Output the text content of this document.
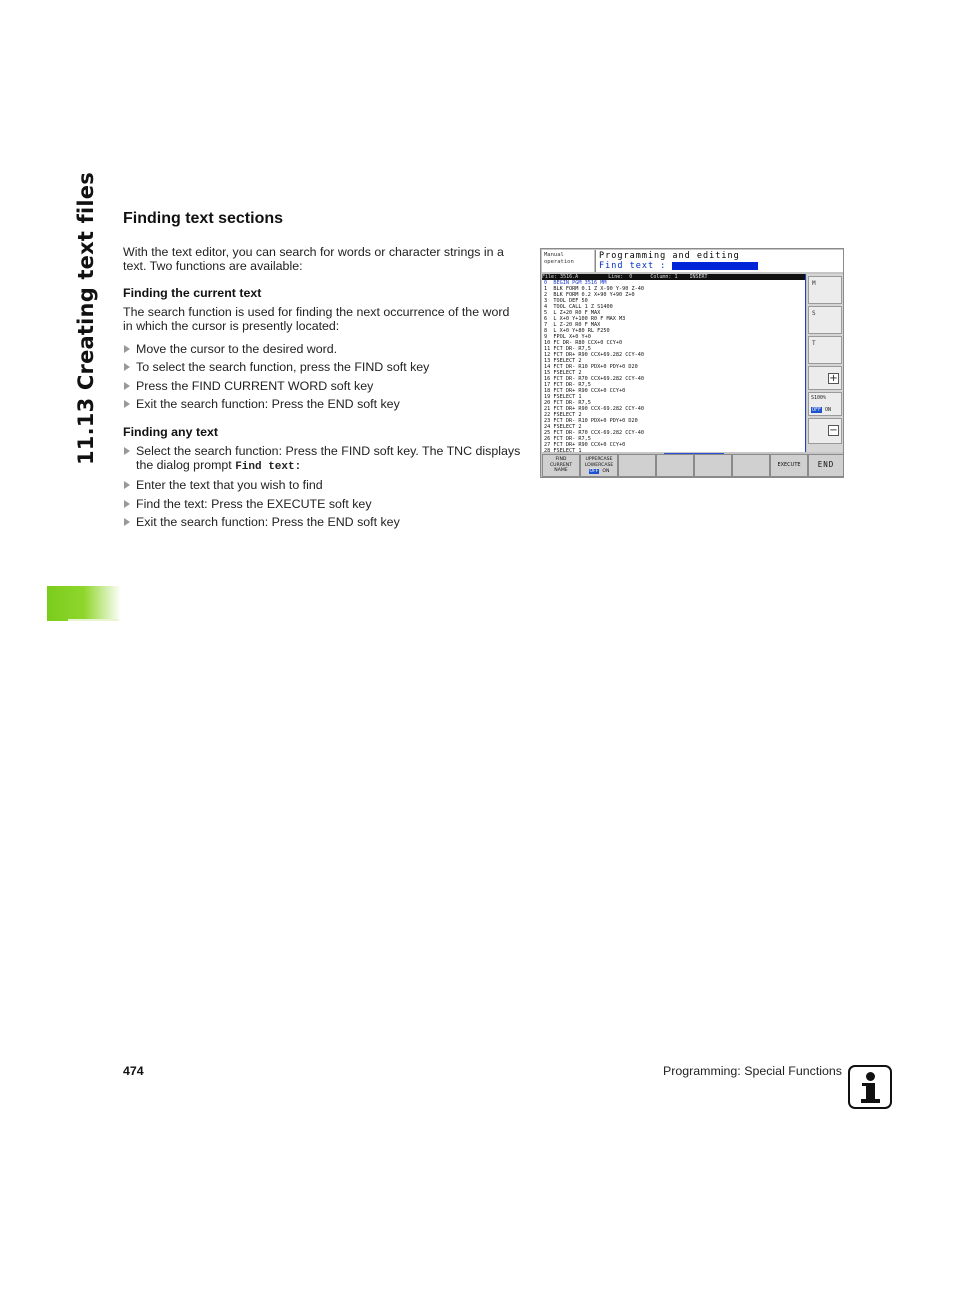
11.13 Creating text files	Finding text sections

With the text editor, you can search for words or character strings in a text. Two functions are available:

Finding the current text

The search function is used for finding the next occurrence of the word in which the cursor is presently located:

Move the cursor to the desired word.
To select the search function, press the FIND soft key
Press the FIND CURRENT WORD soft key
Exit the search function: Press the END soft key
Finding any text
Select the search function: Press the FIND soft key. The TNC displays the dialog prompt Find text:
Enter the text that you wish to find
Find the text: Press the EXECUTE soft key
Exit the search function: Press the END soft key
Manual
operation
Programming and editing
Find text :
File: 3516.A          Line:  0      Column: 1    INSERT
0  BEGIN PGM 3516 MM
1  BLK FORM 0.1 Z X-90 Y-90 Z-40
2  BLK FORM 0.2 X+90 Y+90 Z+0
3  TOOL DEF 50
4  TOOL CALL 1 Z S1400
5  L Z+20 R0 F MAX
6  L X+0 Y+100 R0 F MAX M3
7  L Z-20 R0 F MAX
8  L X+0 Y+80 RL F250
9  FPOL X+0 Y+0
10 FC DR- R80 CCX+0 CCY+0
11 FCT DR- R7,5
12 FCT DR+ R90 CCX+69.282 CCY-40
13 FSELECT 2
14 FCT DR- R10 PDX+0 PDY+0 D20
15 FSELECT 2
16 FCT DR- R70 CCX+69.282 CCY-40
17 FCT DR- R7,5
18 FCT DR+ R90 CCX+0 CCY+0
19 FSELECT 1
20 FCT DR- R7,5
21 FCT DR+ R90 CCX-69.282 CCY-40
22 FSELECT 2
23 FCT DR- R10 PDX+0 PDY+0 D20
24 FSELECT 2
25 FCT DR- R70 CCX-69.282 CCY-40
26 FCT DR- R7,5
27 FCT DR+ R90 CCX+0 CCY+0
28 FSELECT 1
M
S
T
+
S100%
OFF ON
−
FIND
CURRENT
NAME
UPPERCASE
LOWERCASE
OFF ON
EXECUTE	END
474	Programming: Special Functions
